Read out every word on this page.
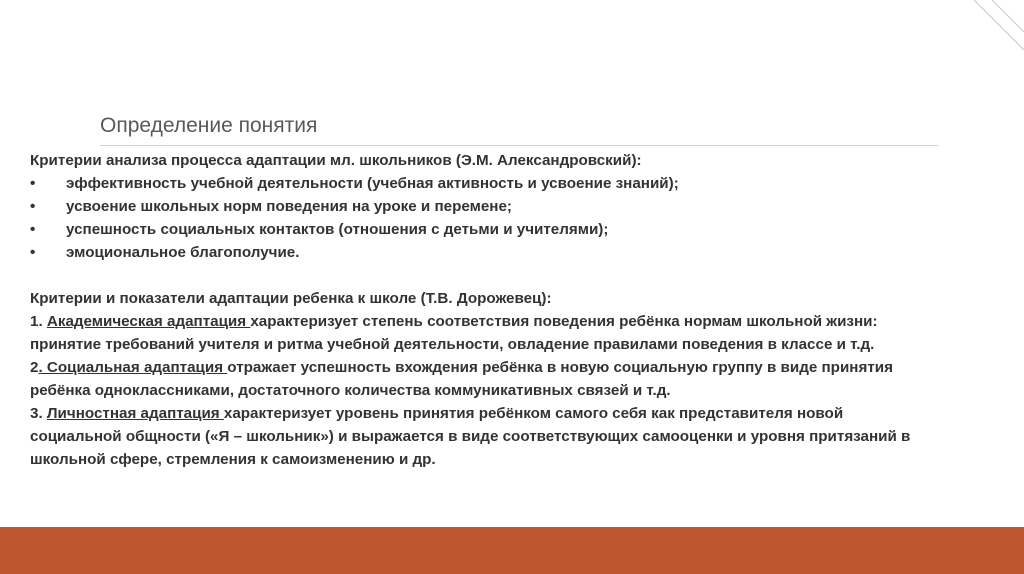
Определение понятия
Критерии анализа процесса адаптации мл. школьников (Э.М. Александровский):
• эффективность учебной деятельности (учебная активность и усвоение знаний);
• усвоение школьных норм поведения на уроке и перемене;
• успешность социальных контактов (отношения с детьми и учителями);
• эмоциональное благополучие.
Критерии и показатели адаптации ребенка к школе (Т.В. Дорожевец):
1. Академическая адаптация характеризует степень соответствия поведения ребёнка нормам школьной жизни:
принятие требований учителя и ритма учебной деятельности, овладение правилами поведения в классе и т.д.
2. Социальная адаптация отражает успешность вхождения ребёнка в новую социальную группу в виде принятия
ребёнка одноклассниками, достаточного количества коммуникативных связей и т.д.
3. Личностная адаптация характеризует уровень принятия ребёнком самого себя как представителя новой
социальной общности («Я – школьник») и выражается в виде соответствующих самооценки и уровня притязаний в
школьной сфере, стремления к самоизменению и др.
